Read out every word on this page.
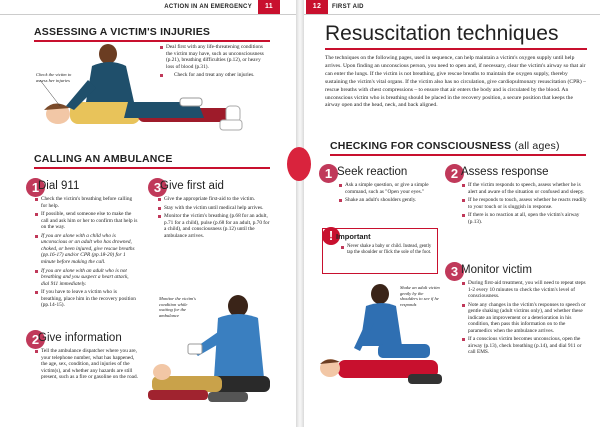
ACTION IN AN EMERGENCY	11	12	FIRST AID
ASSESSING A VICTIM'S INJURIES
Check the victim to assess her injuries
Deal first with any life-threatening conditions the victim may have, such as unconsciousness (p.21), breathing difficulties (p.12), or heavy loss of blood (p.31).
Check for and treat any other injuries.
CALLING AN AMBULANCE
1
Dial 911
Check the victim's breathing before calling for help.
If possible, send someone else to make the call and ask him or her to confirm that help is on the way.
If you are alone with a child who is unconscious or an adult who has drowned, choked, or been injured, give rescue breaths (pp.16-17) and/or CPR (pp.18-20) for 1 minute before making the call.
If you are alone with an adult who is not breathing and you suspect a heart attack, dial 911 immediately.
If you have to leave a victim who is breathing, place him in the recovery position (pp.14-15).
2
Give information
Tell the ambulance dispatcher where you are, your telephone number, what has happened, the age, sex, condition, and injuries of the victim(s), and whether any hazards are still present, such as a fire or gasoline on the road.
3
Give first aid
Give the appropriate first-aid to the victim.
Stay with the victim until medical help arrives.
Monitor the victim's breathing (p.68 for an adult, p.71 for a child), pulse (p.68 for an adult, p.70 for a child), and consciousness (p.12) until the ambulance arrives.
Monitor the victim's condition while waiting for the ambulance
Resuscitation techniques
The techniques on the following pages, used in sequence, can help maintain a victim's oxygen supply until help arrives. Upon finding an unconscious person, you need to open and, if necessary, clear the victim's airway so that air can enter the lungs. If the victim is not breathing, give rescue breaths to maintain the oxygen supply, thereby sustaining the victim's vital organs. If the victim also has no circulation, give cardiopulmonary resuscitation (CPR) – rescue breaths with chest compressions – to ensure that air enters the body and is circulated by the blood. An unconscious victim who is breathing should be placed in the recovery position, a secure position that keeps the airway open and the head, neck, and back aligned.
CHECKING FOR CONSCIOUSNESS (all ages)
1 Seek reaction
Ask a simple question, or give a simple command, such as "Open your eyes."
Shake an adult's shoulders gently.
! Important
Never shake a baby or child. Instead, gently tap the shoulder or flick the sole of the foot.
2 Assess response
If the victim responds to speech, assess whether he is alert and aware of the situation or confused and sleepy.
If he responds to touch, assess whether he reacts readily to your touch or is sluggish in response.
If there is no reaction at all, open the victim's airway (p.13).
3 Monitor victim
During first-aid treatment, you will need to repeat steps 1-2 every 10 minutes to check the victim's level of consciousness.
Note any changes in the victim's responses to speech or gentle shaking (adult victims only), and whether these indicate an improvement or a deterioration in his condition, then pass this information on to the paramedics when the ambulance arrives.
If a conscious victim becomes unconscious, open the airway (p.13), check breathing (p.14), and dial 911 or call EMS.
Shake an adult victim gently by the shoulders to see if he responds
